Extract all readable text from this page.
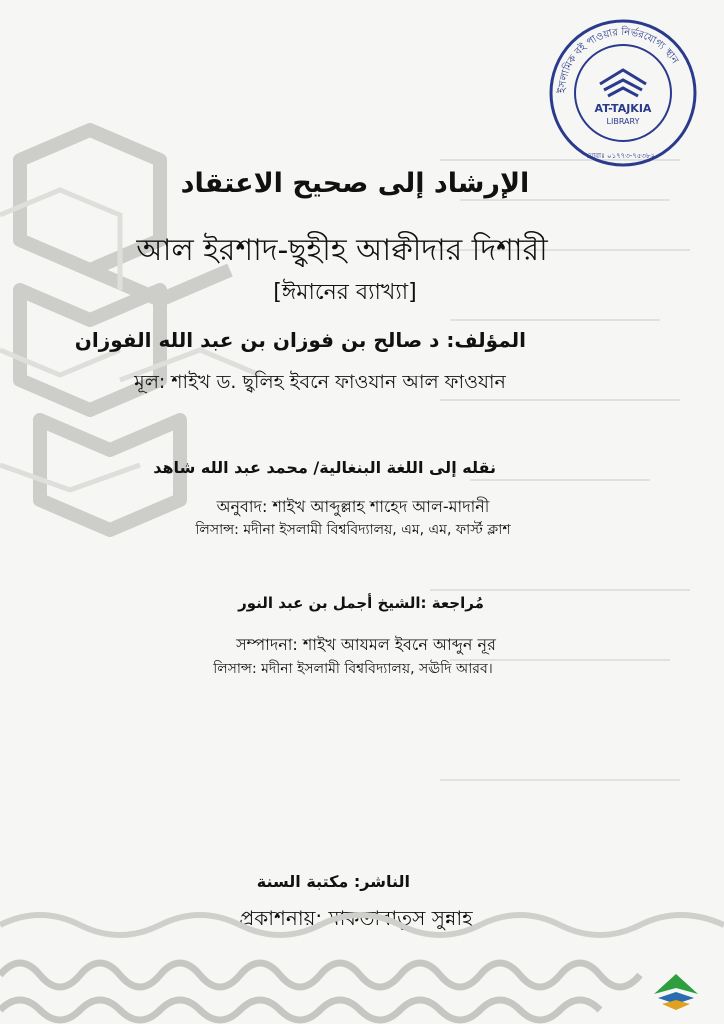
ইসলামিক বই পাওয়ার নির্ভরযোগ্য স্থান
AT-TAJKIA
LIBRARY
মোবাঃ ০১৭৭৩-৭৫৩৮২০
الإرشاد إلى صحيح الاعتقاد
আল ইরশাদ-ছ্বহীহ আক্বীদার দিশারী
[ঈমানের ব্যাখ্যা]
المؤلف: د صالح بن فوزان بن عبد الله الفوزان
মূল: শাইখ ড. ছ্বলিহ ইবনে ফাওযান আল ফাওযান
نقله إلى اللغة البنغالية/ محمد عبد الله شاهد
অনুবাদ: শাইখ আব্দুল্লাহ শাহেদ আল-মাদানী
লিসান্স: মদীনা ইসলামী বিশ্ববিদ্যালয়, এম, এম, ফার্স্ট ক্লাশ
مُراجعة :الشيخ أجمل بن عبد النور
সম্পাদনা: শাইখ আযমল ইবনে আব্দুন নূর
লিসান্স: মদীনা ইসলামী বিশ্ববিদ্যালয়, সঊদি আরব।
الناشر: مكتبة السنة
প্রকাশনায়: মাকতাবাতুস সুন্নাহ
